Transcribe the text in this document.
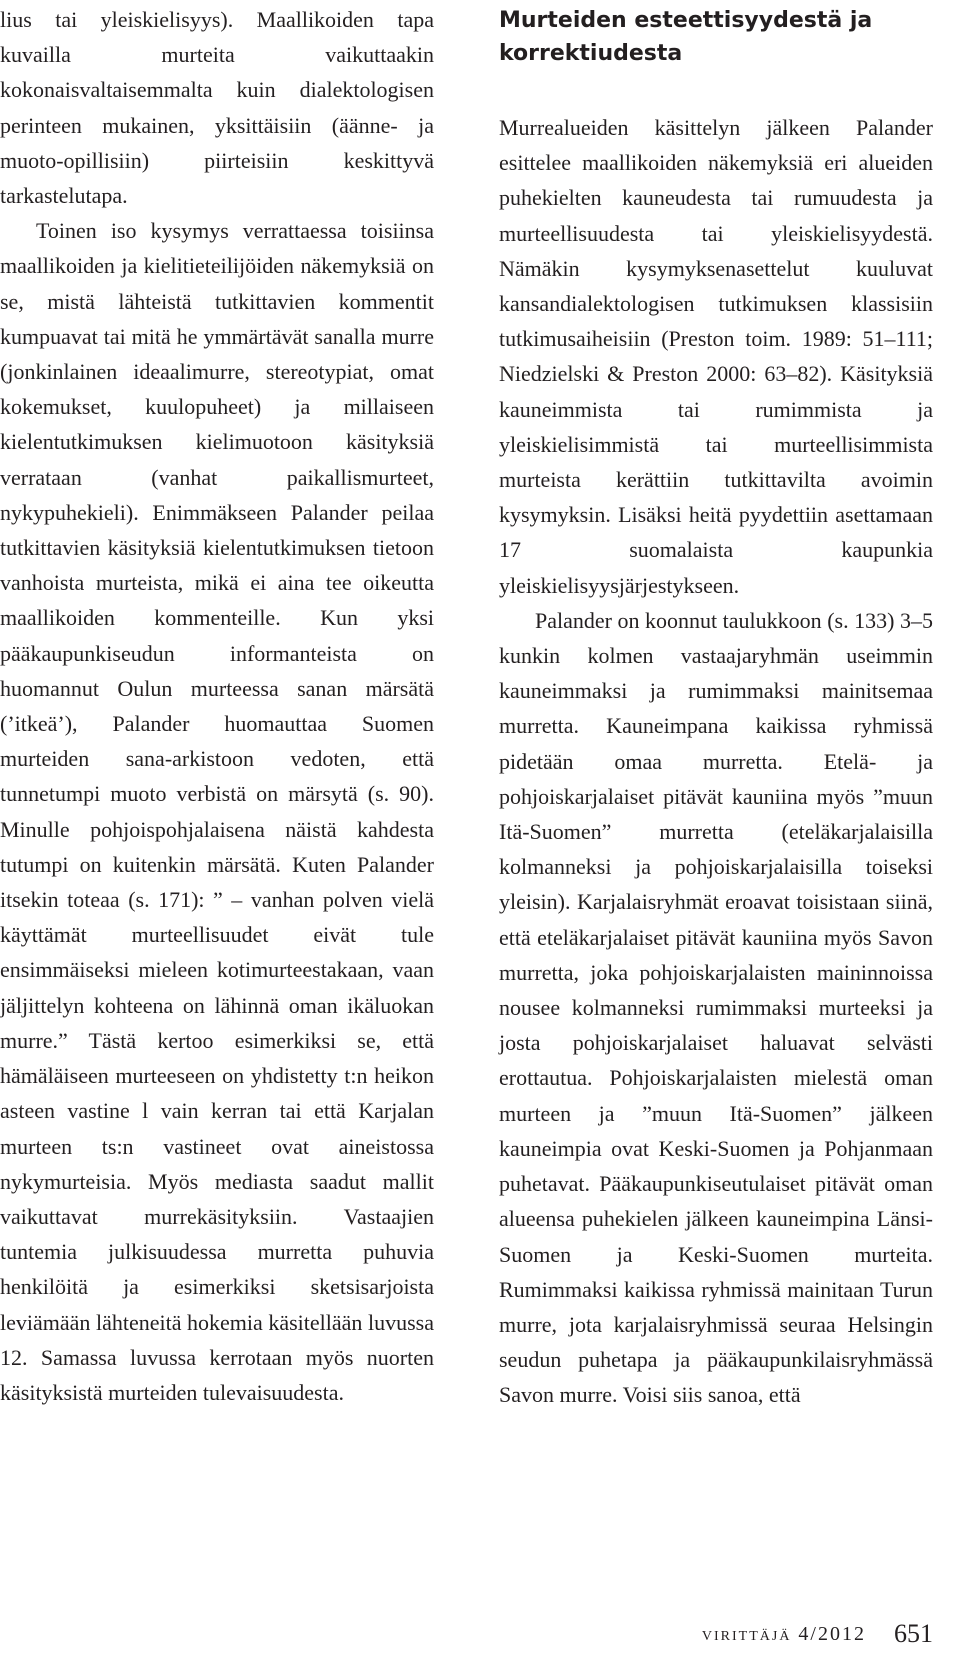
lius tai yleiskielisyys). Maallikoiden tapa kuvailla murteita vaikuttaakin kokonaisvaltaisemmalta kuin dialektologisen perinteen mukainen, yksittäisiin (äänne- ja muoto-opillisiin) piirteisiin keskittyvä tarkastelutapa.

Toinen iso kysymys verrattaessa toisiinsa maallikoiden ja kielitieteilijöiden näkemyksiä on se, mistä lähteistä tutkittavien kommentit kumpuavat tai mitä he ymmärtävät sanalla murre (jonkinlainen ideaalimurre, stereotypiat, omat kokemukset, kuulopuheet) ja millaiseen kielentutkimuksen kielimuotoon käsityksiä verrataan (vanhat paikallismurteet, nykypuhekieli). Enimmäkseen Palander peilaa tutkittavien käsityksiä kielentutkimuksen tietoon vanhoista murteista, mikä ei aina tee oikeutta maallikoiden kommenteille. Kun yksi pääkaupunkiseudun informanteista on huomannut Oulun murteessa sanan märsätä (’itkeä’), Palander huomauttaa Suomen murteiden sana-arkistoon vedoten, että tunnetumpi muoto verbistä on märsytä (s. 90). Minulle pohjoispohjalaisena näistä kahdesta tutumpi on kuitenkin märsätä. Kuten Palander itsekin toteaa (s. 171): ” – vanhan polven vielä käyttämät murteellisuudet eivät tule ensimmäiseksi mieleen kotimurteestakaan, vaan jäljittelyn kohteena on lähinnä oman ikäluokan murre.” Tästä kertoo esimerkiksi se, että hämäläiseen murteeseen on yhdistetty t:n heikon asteen vastine l vain kerran tai että Karjalan murteen ts:n vastineet ovat aineistossa nykymurteisia. Myös mediasta saadut mallit vaikuttavat murrekäsityksiin. Vastaajien tuntemia julkisuudessa murretta puhuvia henkilöitä ja esimerkiksi sketsisarjoista leviämään lähteneitä hokemia käsitellään luvussa 12. Samassa luvussa kerrotaan myös nuorten käsityksistä murteiden tulevaisuudesta.

Murteiden esteettisyydestä ja korrektiudesta

Murrealueiden käsittelyn jälkeen Palander esittelee maallikoiden näkemyksiä eri alueiden puhekielten kauneudesta tai rumuudesta ja murteellisuudesta tai yleiskielisyydestä. Nämäkin kysymyksenasettelut kuuluvat kansandialektologisen tutkimuksen klassisiin tutkimusaiheisiin (Preston toim. 1989: 51–111; Niedzielski & Preston 2000: 63–82). Käsityksiä kauneimmista tai rumimmista ja yleiskielisimmistä tai murteellisimmista murteista kerättiin tutkittavilta avoimin kysymyksin. Lisäksi heitä pyydettiin asettamaan 17 suomalaista kaupunkia yleiskielisyysjärjestykseen.

Palander on koonnut taulukkoon (s. 133) 3–5 kunkin kolmen vastaajaryhmän useimmin kauneimmaksi ja rumimmaksi mainitsemaa murretta. Kauneimpana kaikissa ryhmissä pidetään omaa murretta. Etelä- ja pohjoiskarjalaiset pitävät kauniina myös ”muun Itä-Suomen” murretta (eteläkarjalaisilla kolmanneksi ja pohjoiskarjalaisilla toiseksi yleisin). Karjalaisryhmät eroavat toisistaan siinä, että eteläkarjalaiset pitävät kauniina myös Savon murretta, joka pohjoiskarjalaisten maininnoissa nousee kolmanneksi rumimmaksi murteeksi ja josta pohjoiskarjalaiset haluavat selvästi erottautua. Pohjoiskarjalaisten mielestä oman murteen ja ”muun Itä-Suomen” jälkeen kauneimpia ovat Keski-Suomen ja Pohjanmaan puhetavat. Pääkaupunkiseutulaiset pitävät oman alueensa puhekielen jälkeen kauneimpina Länsi-Suomen ja Keski-Suomen murteita. Rumimmaksi kaikissa ryhmissä mainitaan Turun murre, jota karjalaisryhmissä seuraa Helsingin seudun puhetapa ja pääkaupunkilaisryhmässä Savon murre. Voisi siis sanoa, että

virittäjä 4/2012 651
